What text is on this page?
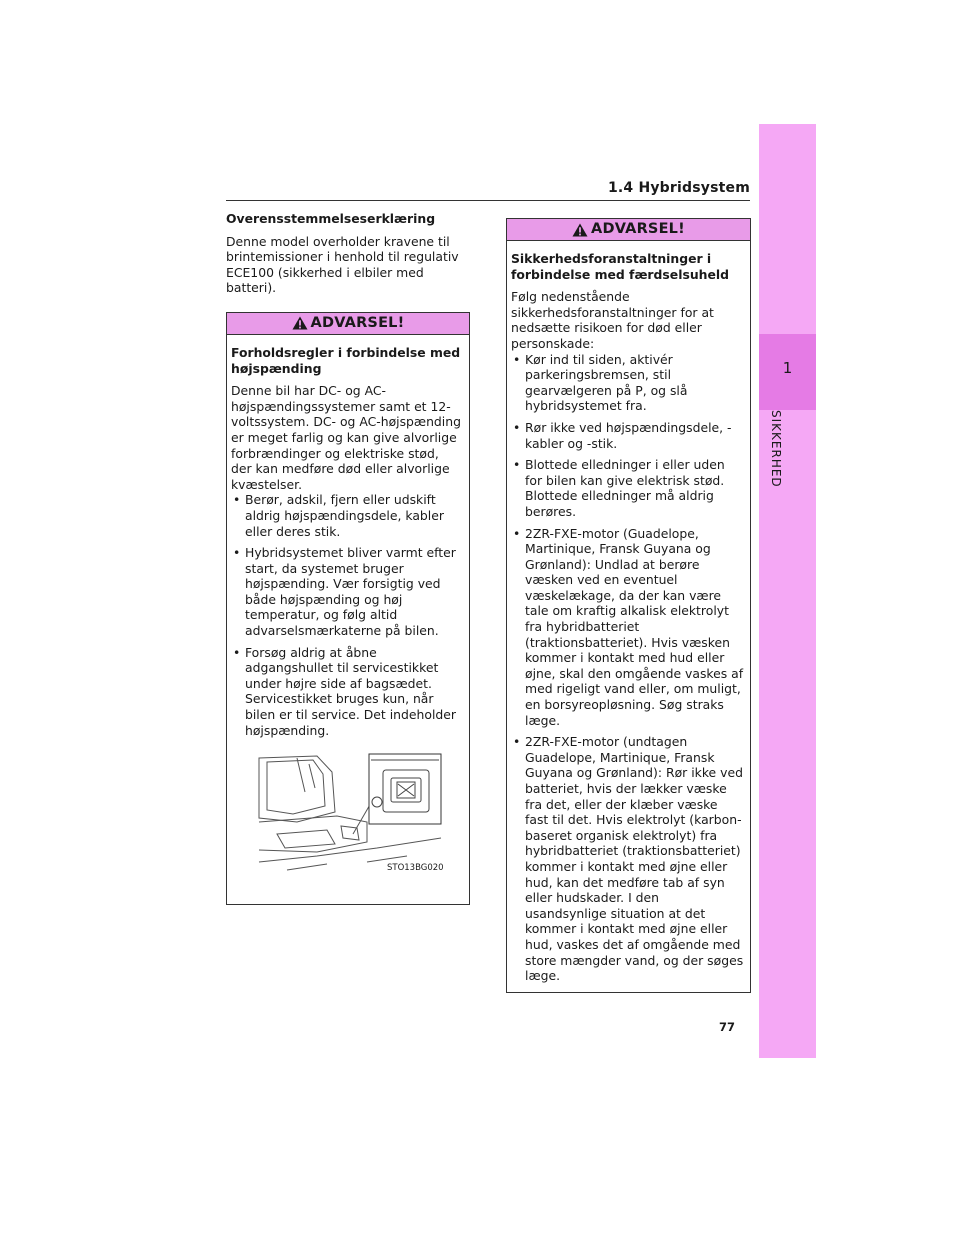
1.4 Hybridsystem
1
SIKKERHED

Overensstemmelseserklæring

Denne model overholder kravene til brintemissioner i henhold til regulativ ECE100 (sikkerhed i elbiler med batteri).

ADVARSEL!

Forholdsregler i forbindelse med højspænding

Denne bil har DC- og AC-højspændingssystemer samt et 12-voltssystem. DC- og AC-højspænding er meget farlig og kan give alvorlige forbrændinger og elektriske stød, der kan medføre død eller alvorlige kvæstelser.

• Berør, adskil, fjern eller udskift aldrig højspændingsdele, kabler eller deres stik.
• Hybridsystemet bliver varmt efter start, da systemet bruger højspænding. Vær forsigtig ved både højspænding og høj temperatur, og følg altid advarselsmærkaterne på bilen.
• Forsøg aldrig at åbne adgangshullet til servicestikket under højre side af bagsædet. Servicestikket bruges kun, når bilen er til service. Det indeholder højspænding.
STO13BG020
ADVARSEL!

Sikkerhedsforanstaltninger i forbindelse med færdselsuheld

Følg nedenstående sikkerhedsforanstaltninger for at nedsætte risikoen for død eller personskade:

• Kør ind til siden, aktivér parkeringsbremsen, stil gearvælgeren på P, og slå hybridsystemet fra.
• Rør ikke ved højspændingsdele, -kabler og -stik.
• Blottede elledninger i eller uden for bilen kan give elektrisk stød. Blottede elledninger må aldrig berøres.
• 2ZR-FXE-motor (Guadelope, Martinique, Fransk Guyana og Grønland): Undlad at berøre væsken ved en eventuel væskelækage, da der kan være tale om kraftig alkalisk elektrolyt fra hybridbatteriet (traktionsbatteriet). Hvis væsken kommer i kontakt med hud eller øjne, skal den omgående vaskes af med rigeligt vand eller, om muligt, en borsyreopløsning. Søg straks læge.
• 2ZR-FXE-motor (undtagen Guadelope, Martinique, Fransk Guyana og Grønland): Rør ikke ved batteriet, hvis der lækker væske fra det, eller der klæber væske fast til det. Hvis elektrolyt (karbon-baseret organisk elektrolyt) fra hybridbatteriet (traktionsbatteriet) kommer i kontakt med øjne eller hud, kan det medføre tab af syn eller hudskader. I den usandsynlige situation at det kommer i kontakt med øjne eller hud, vaskes det af omgående med store mængder vand, og der søges læge.
77
